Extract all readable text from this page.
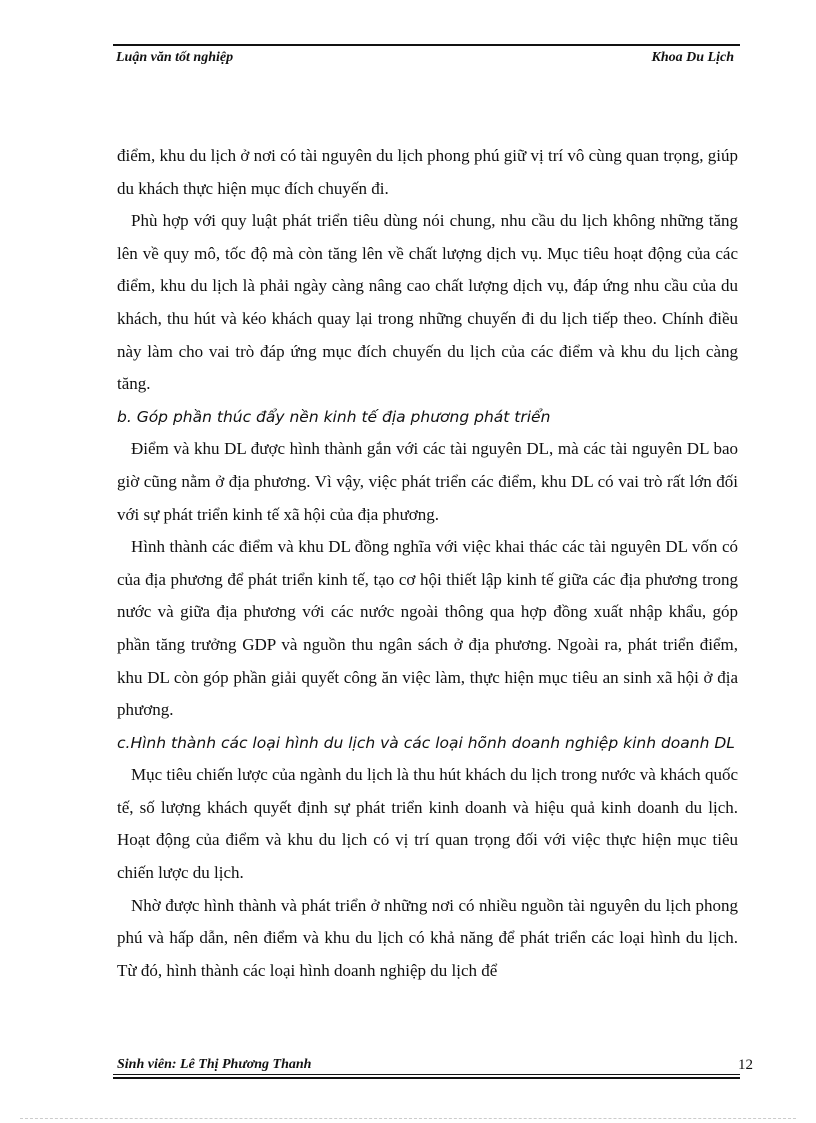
Luận văn tốt nghiệp	Khoa Du Lịch

điểm, khu du lịch ở nơi có tài nguyên du lịch phong phú giữ vị trí vô cùng quan trọng, giúp du khách thực hiện mục đích chuyến đi.

Phù hợp với quy luật phát triển tiêu dùng nói chung, nhu cầu du lịch không những tăng lên về quy mô, tốc độ mà còn tăng lên về chất lượng dịch vụ. Mục tiêu hoạt động của các điểm, khu du lịch là phải ngày càng nâng cao chất lượng dịch vụ, đáp ứng nhu cầu của du khách, thu hút và kéo khách quay lại trong những chuyến đi du lịch tiếp theo. Chính điều này làm cho vai trò đáp ứng mục đích chuyến du lịch của các điểm và khu du lịch càng tăng.

b. Góp phần thúc đẩy nền kinh tế địa phương phát triển

Điểm và khu DL được hình thành gắn với các tài nguyên DL, mà các tài nguyên DL bao giờ cũng nằm ở địa phương. Vì vậy, việc phát triển các điểm, khu DL có vai trò rất lớn đối với sự phát triển kinh tế xã hội của địa phương.

Hình thành các điểm và khu DL đồng nghĩa với việc khai thác các tài nguyên DL vốn có của địa phương để phát triển kinh tế, tạo cơ hội thiết lập kinh tế giữa các địa phương trong nước và giữa địa phương với các nước ngoài thông qua hợp đồng xuất nhập khẩu, góp phần tăng trưởng GDP và nguồn thu ngân sách ở địa phương. Ngoài ra, phát triển điểm, khu DL còn góp phần giải quyết công ăn việc làm, thực hiện mục tiêu an sinh xã hội ở địa phương.

c.Hình thành các loại hình du lịch và các loại hõnh doanh nghiệp kinh doanh DL

Mục tiêu chiến lược của ngành du lịch là thu hút khách du lịch trong nước và khách quốc tế, số lượng khách quyết định sự phát triển kinh doanh và hiệu quả kinh doanh du lịch. Hoạt động của điểm và khu du lịch có vị trí quan trọng đối với việc thực hiện mục tiêu chiến lược du lịch.

Nhờ được hình thành và phát triển ở những nơi có nhiều nguồn tài nguyên du lịch phong phú và hấp dẫn, nên điểm và khu du lịch có khả năng để phát triển các loại hình du lịch. Từ đó, hình thành các loại hình doanh nghiệp du lịch để

Sinh viên: Lê Thị Phương Thanh	12
